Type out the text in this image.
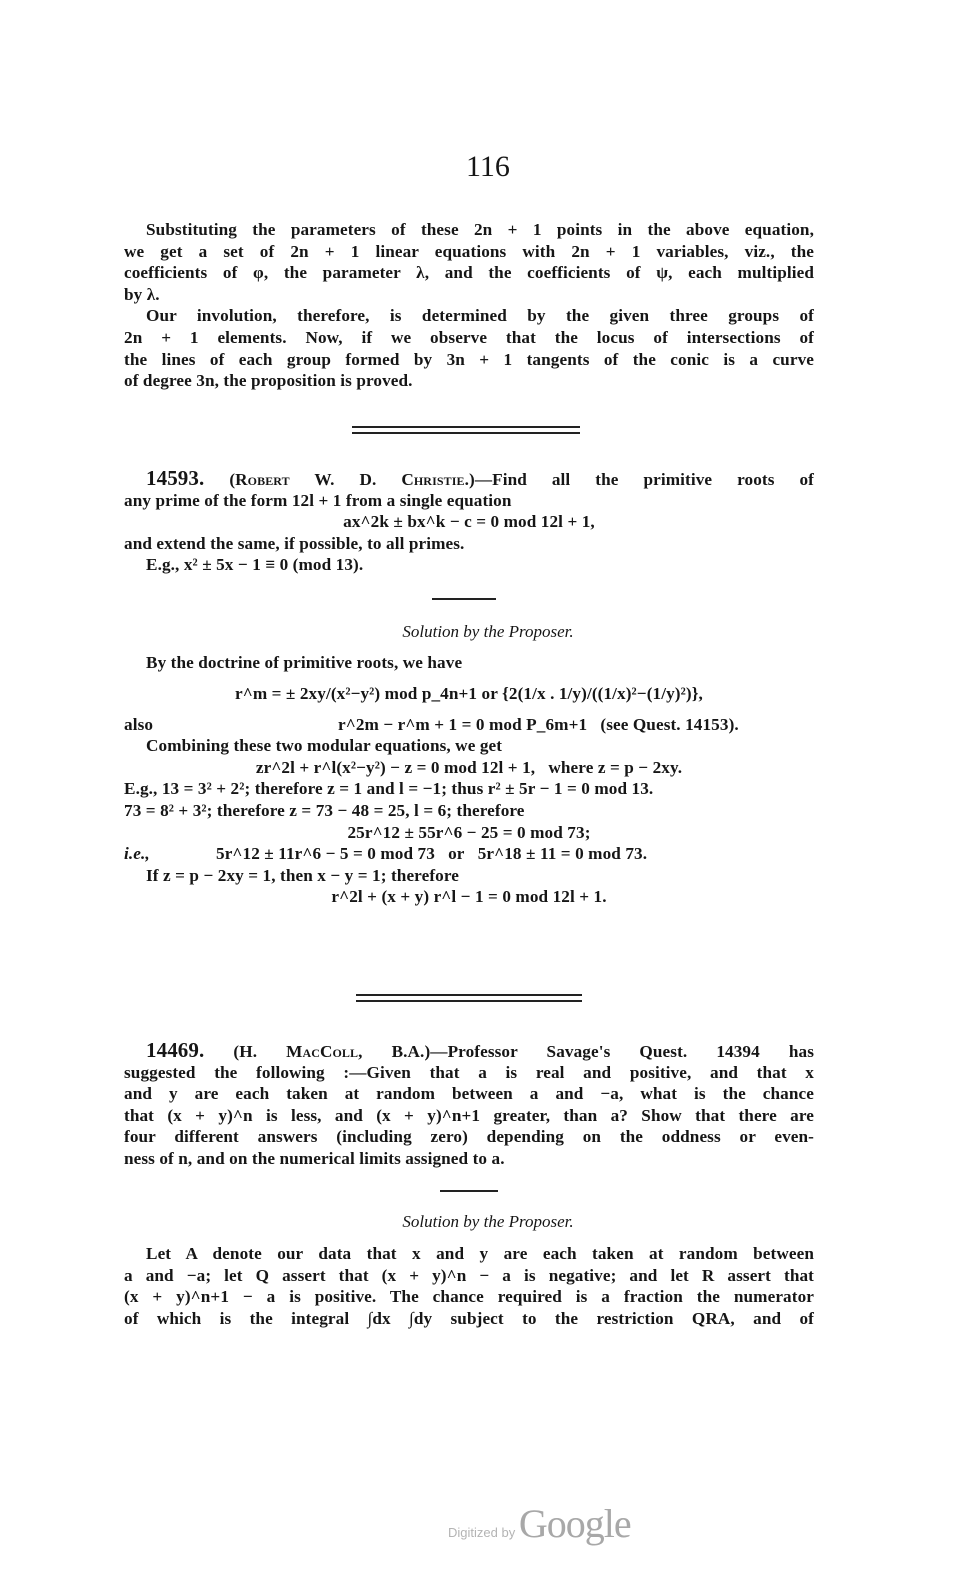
116
Substituting the parameters of these 2n + 1 points in the above equation,
we get a set of 2n + 1 linear equations with 2n + 1 variables, viz., the
coefficients of φ, the parameter λ, and the coefficients of ψ, each multiplied
by λ.
Our involution, therefore, is determined by the given three groups of
2n + 1 elements. Now, if we observe that the locus of intersections of
the lines of each group formed by 3n + 1 tangents of the conic is a curve
of degree 3n, the proposition is proved.
14593. (Robert W. D. Christie.)—Find all the primitive roots of
any prime of the form 12l + 1 from a single equation
ax^2k ± bx^k − c = 0 mod 12l + 1,
and extend the same, if possible, to all primes.
E.g., x² ± 5x − 1 ≡ 0 (mod 13).
Solution by the Proposer.
By the doctrine of primitive roots, we have
r^m = ± 2xy/(x²−y²) mod p_4n+1 or {2(1/x . 1/y)/((1/x)²−(1/y)²)},
also	r^2m − r^m + 1 = 0 mod P_6m+1 (see Quest. 14153).
Combining these two modular equations, we get
zr^2l + r^l(x²−y²) − z = 0 mod 12l + 1, where z = p − 2xy.
E.g., 13 = 3² + 2²; therefore z = 1 and l = −1; thus r² ± 5r − 1 = 0 mod 13.
73 = 8² + 3²; therefore z = 73 − 48 = 25, l = 6; therefore
25r^12 ± 55r^6 − 25 = 0 mod 73;
i.e.,	5r^12 ± 11r^6 − 5 = 0 mod 73 or 5r^18 ± 11 = 0 mod 73.
If z = p − 2xy = 1, then x − y = 1; therefore
r^2l + (x + y) r^l − 1 = 0 mod 12l + 1.
14469. (H. MacColl, B.A.)—Professor Savage's Quest. 14394 has
suggested the following :—Given that a is real and positive, and that x
and y are each taken at random between a and −a, what is the chance
that (x + y)^n is less, and (x + y)^n+1 greater, than a? Show that there are
four different answers (including zero) depending on the oddness or even-
ness of n, and on the numerical limits assigned to a.
Solution by the Proposer.
Let A denote our data that x and y are each taken at random between
a and −a; let Q assert that (x + y)^n − a is negative; and let R assert that
(x + y)^n+1 − a is positive. The chance required is a fraction the numerator
of which is the integral ∫dx ∫dy subject to the restriction QRA, and of
Digitized by Google
